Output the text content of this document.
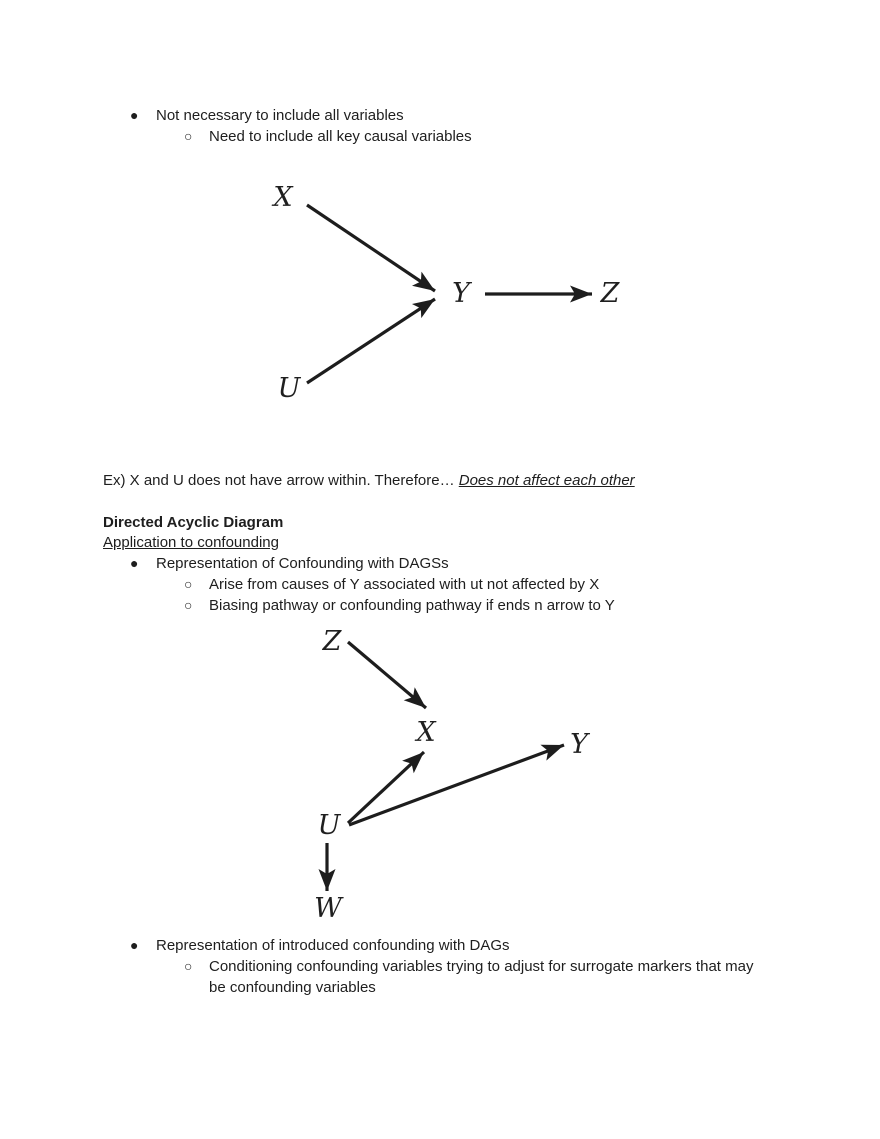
●	Not necessary to include all variables
○	Need to include all key causal variables
X
U
Y	Z
Ex) X and U does not have arrow within. Therefore… Does not affect each other
Directed Acyclic Diagram
Application to confounding
●	Representation of Confounding with DAGSs
○	Arise from causes of Y associated with ut not affected by X
○	Biasing pathway or confounding pathway if ends n arrow to Y
Z
X	Y
U
W
●	Representation of introduced confounding with DAGs
○	Conditioning confounding variables trying to adjust for surrogate markers that may be confounding variables
